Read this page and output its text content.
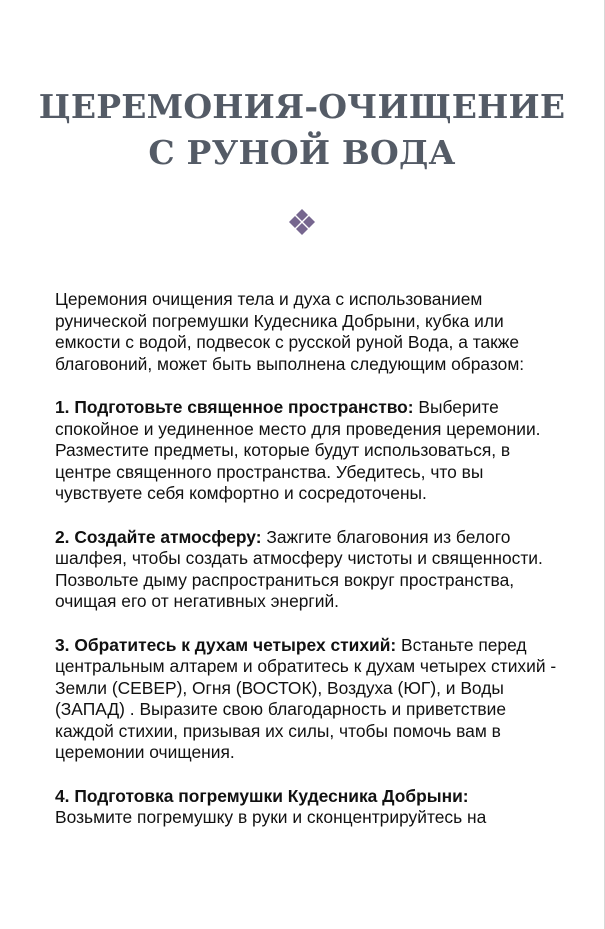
ЦЕРЕМОНИЯ-ОЧИЩЕНИЕ С РУНОЙ ВОДА

Церемония очищения тела и духа с использованием рунической погремушки Кудесника Добрыни, кубка или емкости с водой, подвесок с русской руной Вода, а также благовоний, может быть выполнена следующим образом:

1. Подготовьте священное пространство: Выберите спокойное и уединенное место для проведения церемонии. Разместите предметы, которые будут использоваться, в центре священного пространства. Убедитесь, что вы чувствуете себя комфортно и сосредоточены.

2. Создайте атмосферу: Зажгите благовония из белого шалфея, чтобы создать атмосферу чистоты и священности. Позвольте дыму распространиться вокруг пространства, очищая его от негативных энергий.

3. Обратитесь к духам четырех стихий: Встаньте перед центральным алтарем и обратитесь к духам четырех стихий - Земли (СЕВЕР), Огня (ВОСТОК), Воздуха (ЮГ), и Воды (ЗАПАД) . Выразите свою благодарность и приветствие каждой стихии, призывая их силы, чтобы помочь вам в церемонии очищения.

4. Подготовка погремушки Кудесника Добрыни:
Возьмите погремушку в руки и сконцентрируйтесь на
